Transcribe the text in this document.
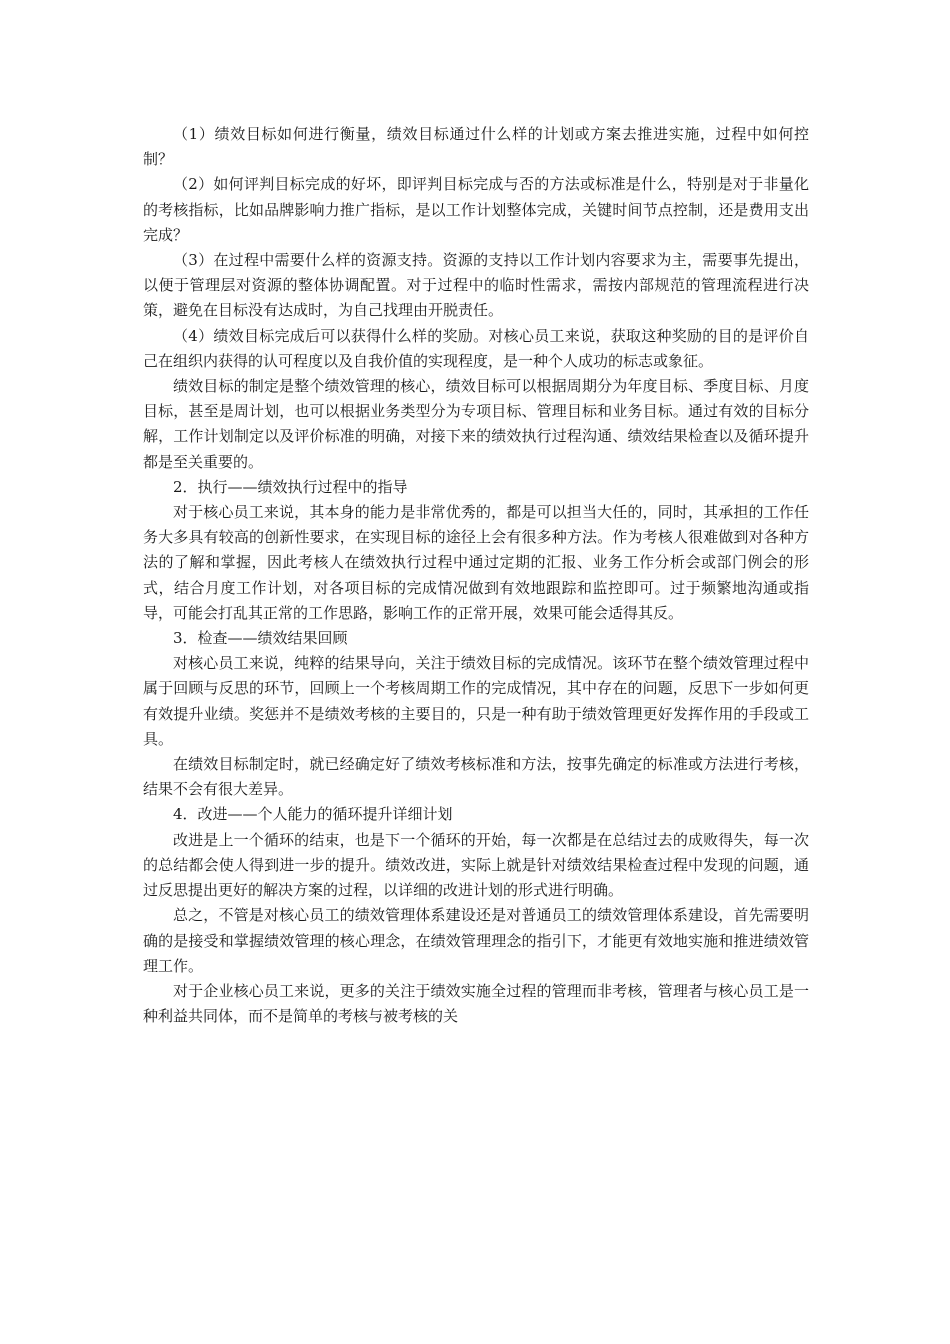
（1）绩效目标如何进行衡量，绩效目标通过什么样的计划或方案去推进实施，过程中如何控制？

（2）如何评判目标完成的好坏，即评判目标完成与否的方法或标准是什么，特别是对于非量化的考核指标，比如品牌影响力推广指标，是以工作计划整体完成，关键时间节点控制，还是费用支出完成？

（3）在过程中需要什么样的资源支持。资源的支持以工作计划内容要求为主，需要事先提出，以便于管理层对资源的整体协调配置。对于过程中的临时性需求，需按内部规范的管理流程进行决策，避免在目标没有达成时，为自己找理由开脱责任。

（4）绩效目标完成后可以获得什么样的奖励。对核心员工来说，获取这种奖励的目的是评价自己在组织内获得的认可程度以及自我价值的实现程度，是一种个人成功的标志或象征。

绩效目标的制定是整个绩效管理的核心，绩效目标可以根据周期分为年度目标、季度目标、月度目标，甚至是周计划，也可以根据业务类型分为专项目标、管理目标和业务目标。通过有效的目标分解，工作计划制定以及评价标准的明确，对接下来的绩效执行过程沟通、绩效结果检查以及循环提升都是至关重要的。

2．执行——绩效执行过程中的指导

对于核心员工来说，其本身的能力是非常优秀的，都是可以担当大任的，同时，其承担的工作任务大多具有较高的创新性要求，在实现目标的途径上会有很多种方法。作为考核人很难做到对各种方法的了解和掌握，因此考核人在绩效执行过程中通过定期的汇报、业务工作分析会或部门例会的形式，结合月度工作计划，对各项目标的完成情况做到有效地跟踪和监控即可。过于频繁地沟通或指导，可能会打乱其正常的工作思路，影响工作的正常开展，效果可能会适得其反。

3．检查——绩效结果回顾

对核心员工来说，纯粹的结果导向，关注于绩效目标的完成情况。该环节在整个绩效管理过程中属于回顾与反思的环节，回顾上一个考核周期工作的完成情况，其中存在的问题，反思下一步如何更有效提升业绩。奖惩并不是绩效考核的主要目的，只是一种有助于绩效管理更好发挥作用的手段或工具。

在绩效目标制定时，就已经确定好了绩效考核标准和方法，按事先确定的标准或方法进行考核，结果不会有很大差异。

4．改进——个人能力的循环提升详细计划

改进是上一个循环的结束，也是下一个循环的开始，每一次都是在总结过去的成败得失，每一次的总结都会使人得到进一步的提升。绩效改进，实际上就是针对绩效结果检查过程中发现的问题，通过反思提出更好的解决方案的过程，以详细的改进计划的形式进行明确。

总之，不管是对核心员工的绩效管理体系建设还是对普通员工的绩效管理体系建设，首先需要明确的是接受和掌握绩效管理的核心理念，在绩效管理理念的指引下，才能更有效地实施和推进绩效管理工作。

对于企业核心员工来说，更多的关注于绩效实施全过程的管理而非考核，管理者与核心员工是一种利益共同体，而不是简单的考核与被考核的关
